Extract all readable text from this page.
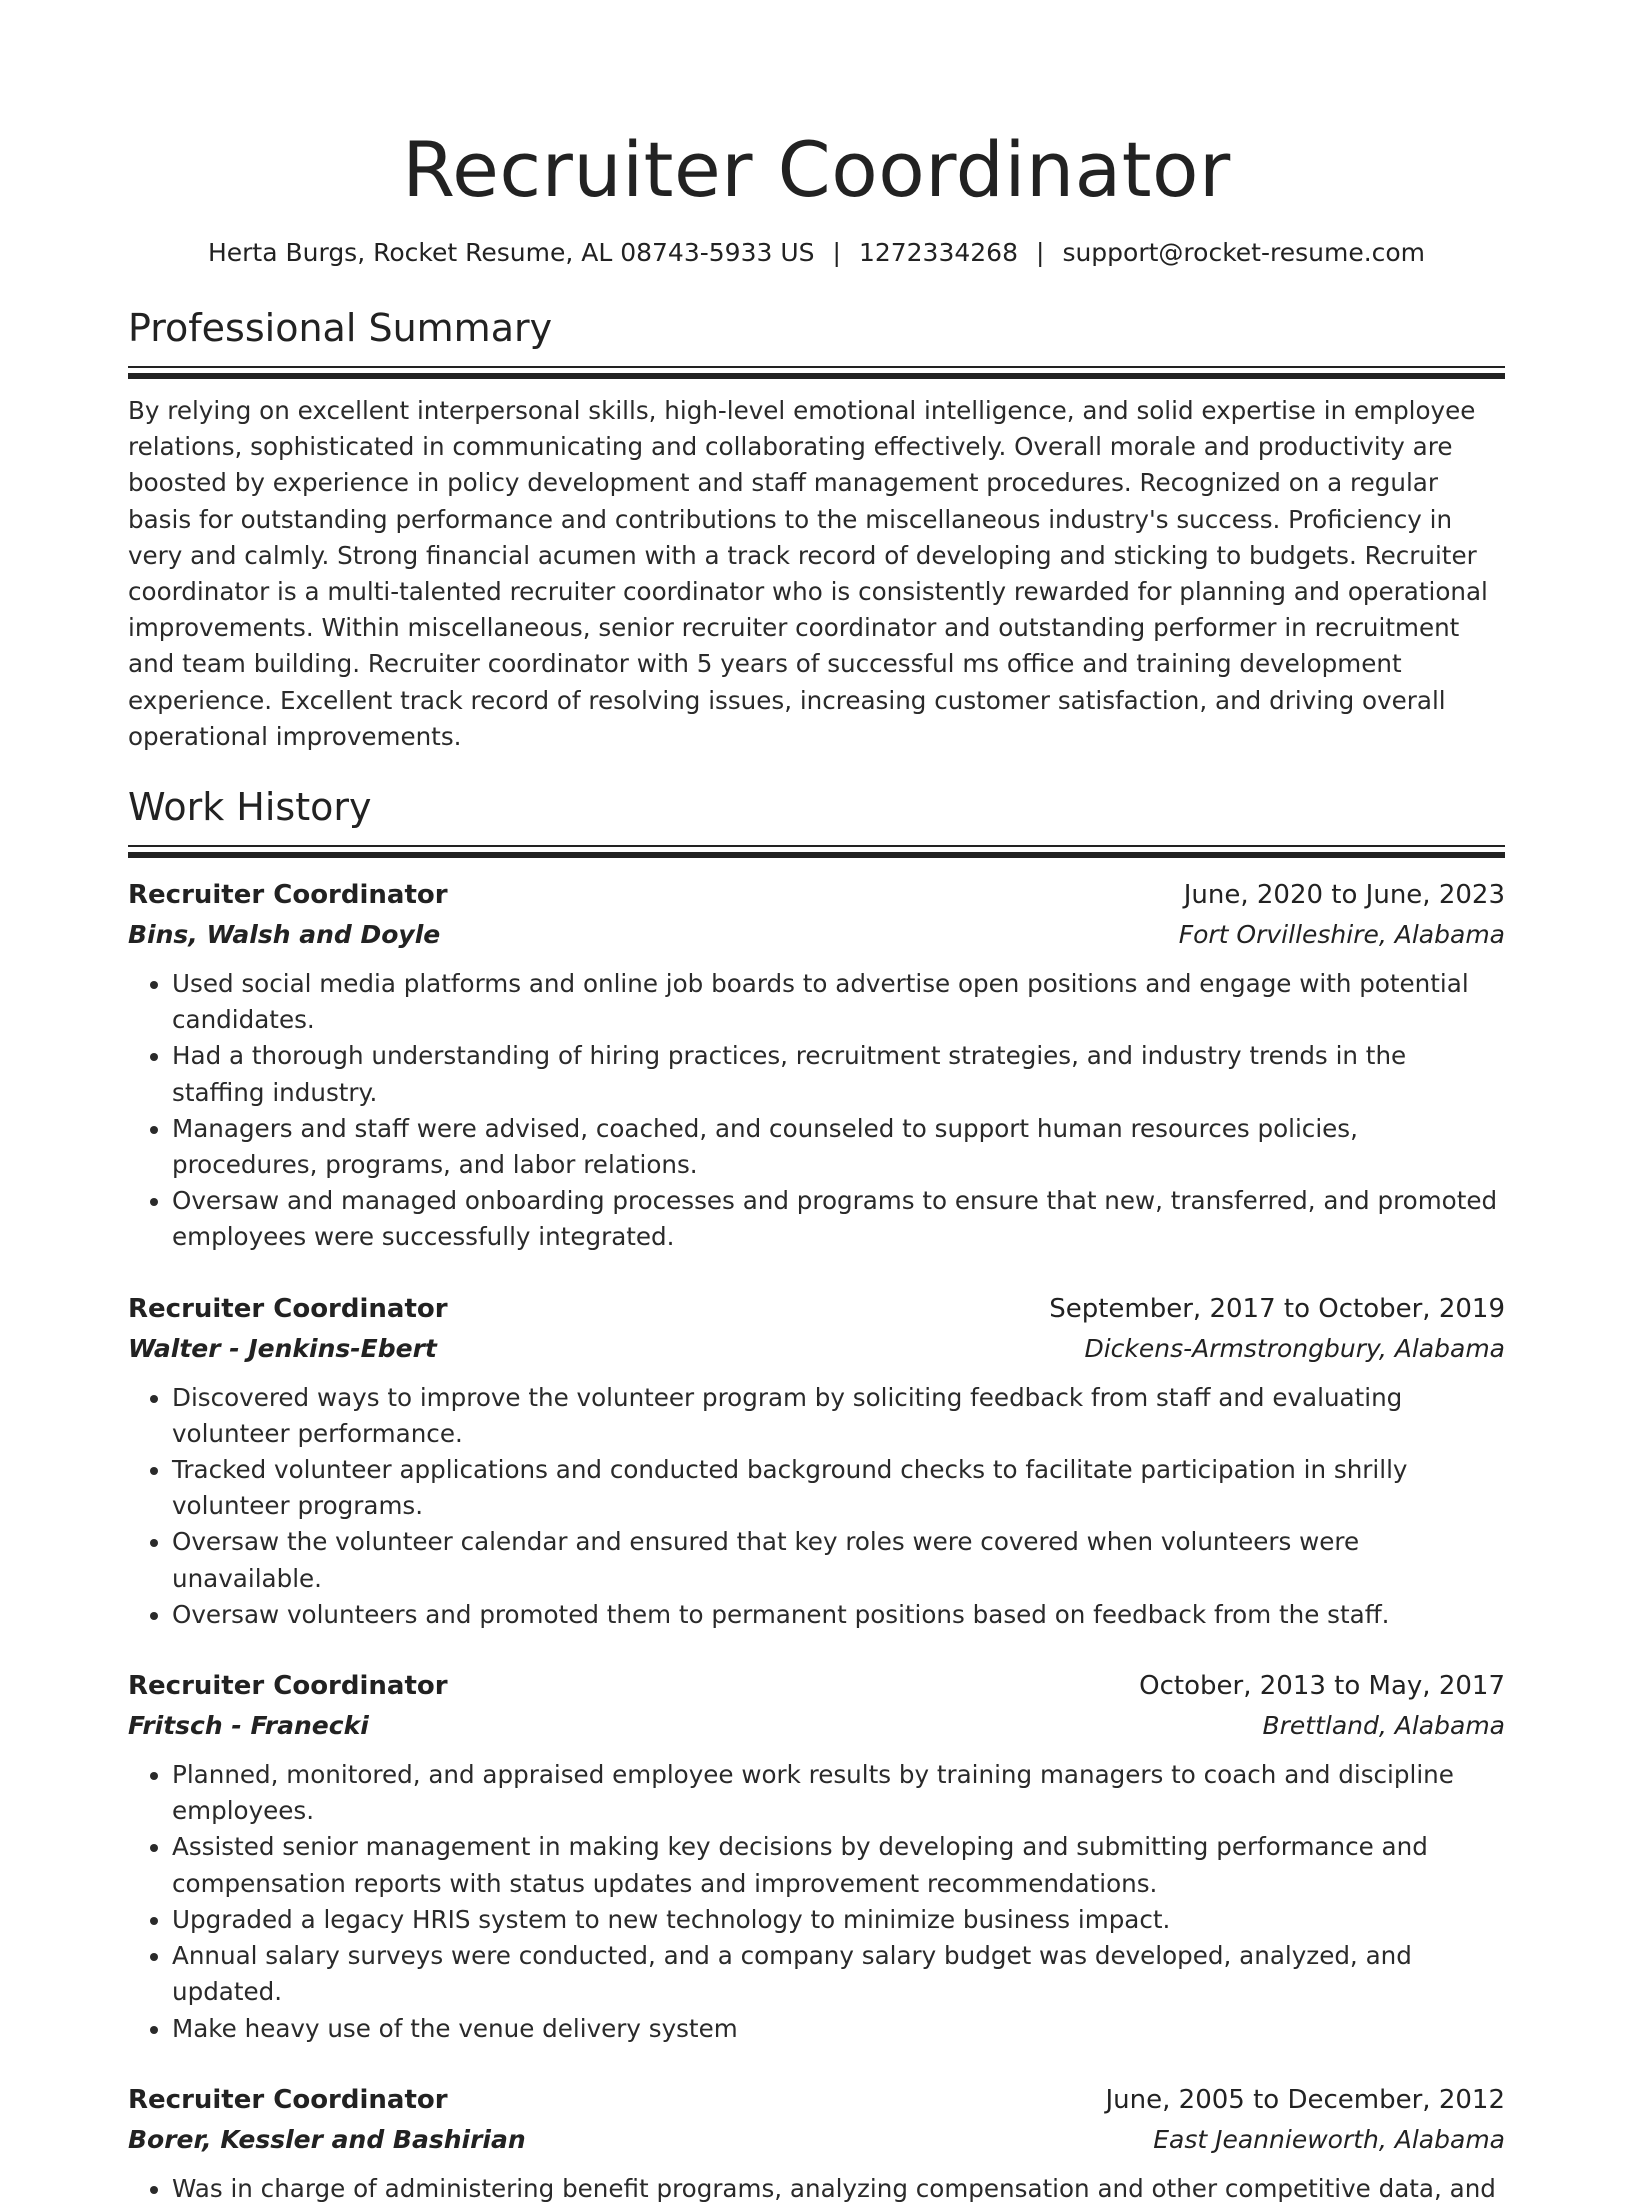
Recruiter Coordinator
Herta Burgs, Rocket Resume, AL 08743-5933 US | 1272334268 | support@rocket-resume.com
Professional Summary

By relying on excellent interpersonal skills, high-level emotional intelligence, and solid expertise in employee relations, sophisticated in communicating and collaborating effectively. Overall morale and productivity are boosted by experience in policy development and staff management procedures. Recognized on a regular basis for outstanding performance and contributions to the miscellaneous industry's success. Proficiency in very and calmly. Strong financial acumen with a track record of developing and sticking to budgets. Recruiter coordinator is a multi-talented recruiter coordinator who is consistently rewarded for planning and operational improvements. Within miscellaneous, senior recruiter coordinator and outstanding performer in recruitment and team building. Recruiter coordinator with 5 years of successful ms office and training development experience. Excellent track record of resolving issues, increasing customer satisfaction, and driving overall operational improvements.

Work History
Recruiter Coordinator	June, 2020 to June, 2023
Bins, Walsh and Doyle	Fort Orvilleshire, Alabama
• Used social media platforms and online job boards to advertise open positions and engage with potential candidates.
• Had a thorough understanding of hiring practices, recruitment strategies, and industry trends in the staffing industry.
• Managers and staff were advised, coached, and counseled to support human resources policies, procedures, programs, and labor relations.
• Oversaw and managed onboarding processes and programs to ensure that new, transferred, and promoted employees were successfully integrated.
Recruiter Coordinator	September, 2017 to October, 2019
Walter - Jenkins-Ebert	Dickens-Armstrongbury, Alabama
• Discovered ways to improve the volunteer program by soliciting feedback from staff and evaluating volunteer performance.
• Tracked volunteer applications and conducted background checks to facilitate participation in shrilly volunteer programs.
• Oversaw the volunteer calendar and ensured that key roles were covered when volunteers were unavailable.
• Oversaw volunteers and promoted them to permanent positions based on feedback from the staff.
Recruiter Coordinator	October, 2013 to May, 2017
Fritsch - Franecki	Brettland, Alabama
• Planned, monitored, and appraised employee work results by training managers to coach and discipline employees.
• Assisted senior management in making key decisions by developing and submitting performance and compensation reports with status updates and improvement recommendations.
• Upgraded a legacy HRIS system to new technology to minimize business impact.
• Annual salary surveys were conducted, and a company salary budget was developed, analyzed, and updated.
• Make heavy use of the venue delivery system
Recruiter Coordinator	June, 2005 to December, 2012
Borer, Kessler and Bashirian	East Jeannieworth, Alabama
• Was in charge of administering benefit programs, analyzing compensation and other competitive data, and
